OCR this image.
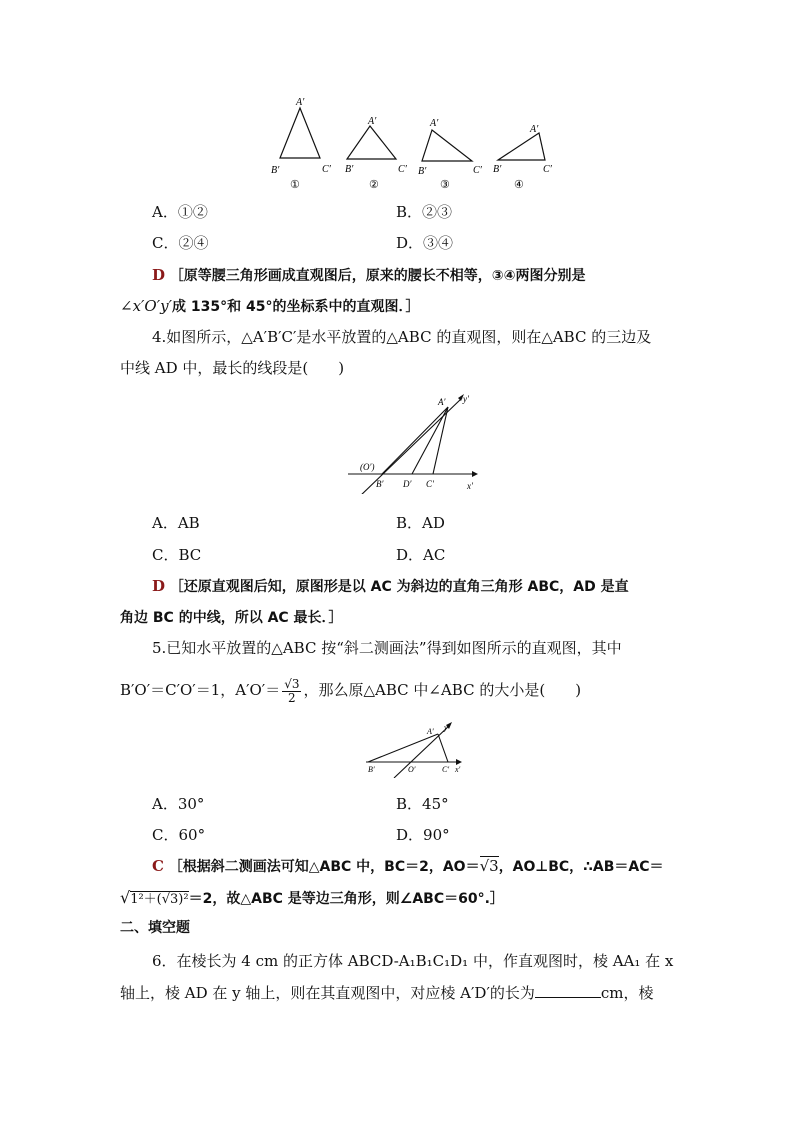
A′
B′	C′
①
A′
B′	C′
②
A′
B′	C′
③
A′
B′	C′
④
A．①②	B．②③
C．②④	D．③④
D ［原等腰三角形画成直观图后，原来的腰长不相等，③④两图分别是
∠x′O′y′成 135°和 45°的坐标系中的直观图．］
4.如图所示，△A′B′C′是水平放置的△ABC 的直观图，则在△ABC 的三边及
中线 AD 中，最长的线段是(　　)
A′ y′
(O′)
B′ D′ C′	x′
A．AB	B．AD
C．BC	D．AC
D ［还原直观图后知，原图形是以 AC 为斜边的直角三角形 ABC，AD 是直
角边 BC 的中线，所以 AC 最长．］
5.已知水平放置的△ABC 按“斜二测画法”得到如图所示的直观图，其中
B′O′＝C′O′＝1，$A'O'= \frac{√3}{2}$ ，那么原△ABC 中∠ABC 的大小是(　　)
A′ y′
B′	O′	C′ x′
A．30°	B．45°
C．60°	D．90°
C ［根据斜二测画法可知△ABC 中，BC＝2，AO＝√3，AO⊥BC，∴AB＝AC＝
√1²＋(√3)²＝2，故△ABC 是等边三角形，则∠ABC＝60°.］
二、填空题
6．在棱长为 4 cm 的正方体 ABCD-A₁B₁C₁D₁ 中，作直观图时，棱 AA₁ 在 x
轴上，棱 AD 在 y 轴上，则在其直观图中，对应棱 A′D′的长为	cm，棱
